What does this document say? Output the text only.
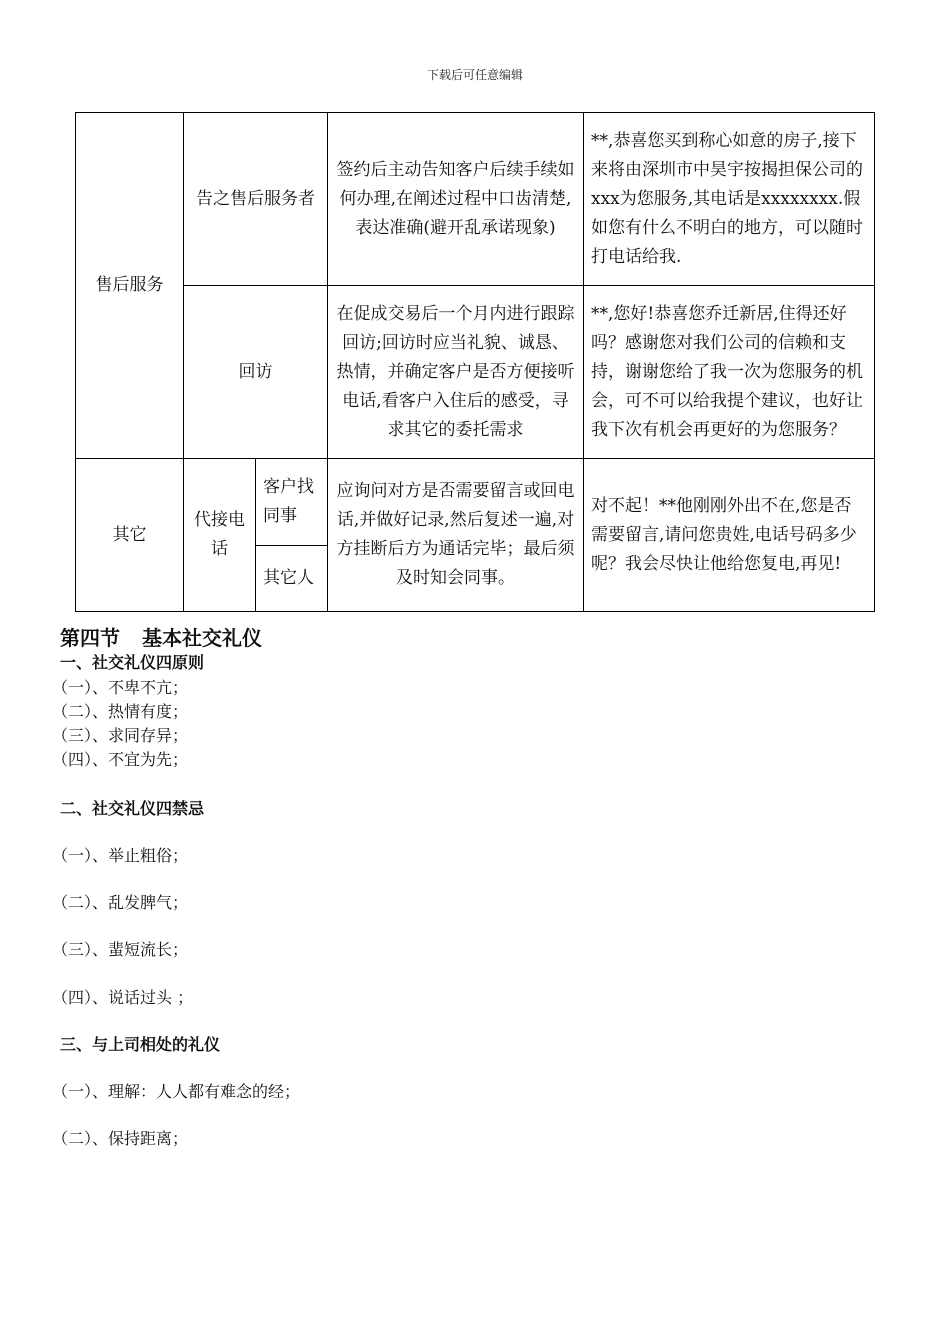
下载后可任意编辑
售后服务	告之售后服务者		签约后主动告知客户后续手续如何办理,在阐述过程中口齿清楚,表达准确(避开乱承诺现象)	**,恭喜您买到称心如意的房子,接下来将由深圳市中昊宇按揭担保公司的xxx为您服务,其电话是xxxxxxxx.假如您有什么不明白的地方，可以随时打电话给我.
	回访		在促成交易后一个月内进行跟踪回访;回访时应当礼貌、诚恳、热情，并确定客户是否方便接听电话,看客户入住后的感受，寻求其它的委托需求	**,您好!恭喜您乔迁新居,住得还好吗？感谢您对我们公司的信赖和支持，谢谢您给了我一次为您服务的机会，可不可以给我提个建议，也好让我下次有机会再更好的为您服务？
其它	代接电话	客户找同事	应询问对方是否需要留言或回电话,并做好记录,然后复述一遍,对方挂断后方为通话完毕；最后须及时知会同事。	对不起！**他刚刚外出不在,您是否需要留言,请问您贵姓,电话号码多少呢？我会尽快让他给您复电,再见!
		其它人		
第四节 基本社交礼仪
一、社交礼仪四原则
（一）、不卑不亢；
（二）、热情有度；
（三）、求同存异；
（四）、不宜为先；
二、社交礼仪四禁忌
（一）、举止粗俗；
（二）、乱发脾气；
（三）、蜚短流长；
（四）、说话过头 ；
三、与上司相处的礼仪
（一）、理解：人人都有难念的经；
（二）、保持距离；
